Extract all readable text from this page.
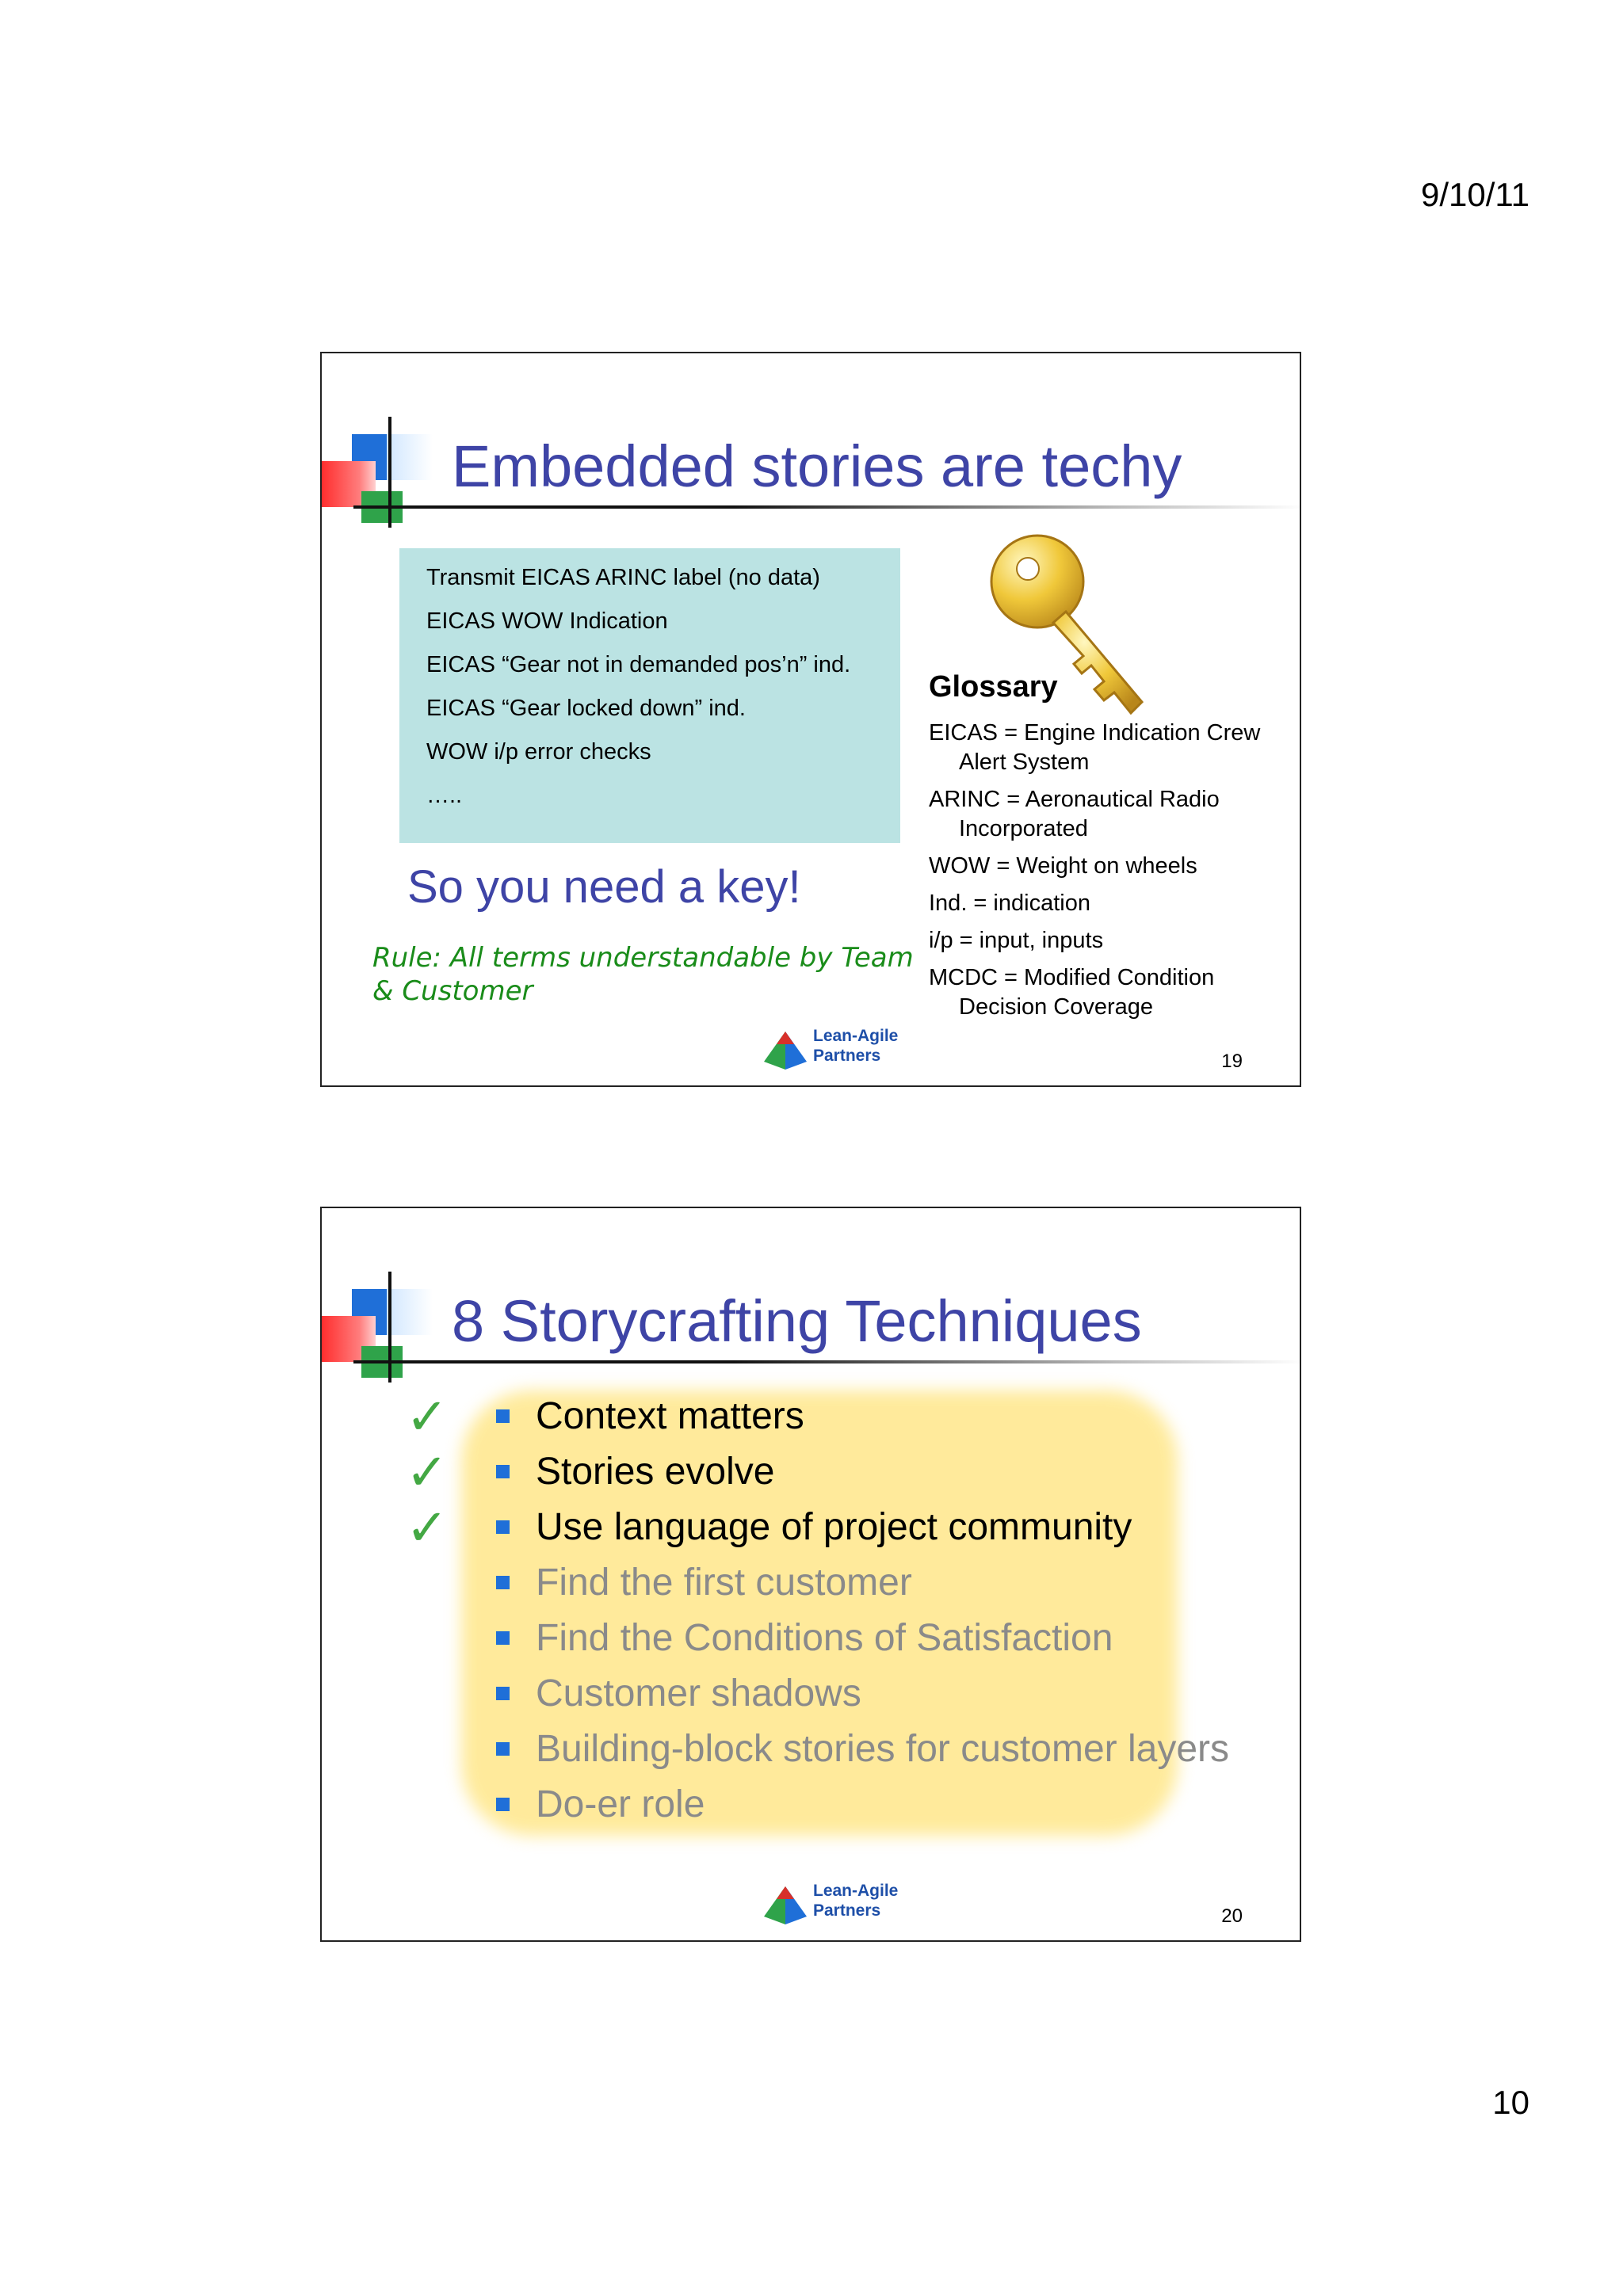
9/10/11
Embedded stories are techy
Transmit EICAS ARINC label (no data)
EICAS WOW Indication
EICAS “Gear not in demanded pos’n” ind.
EICAS “Gear locked down” ind.
WOW i/p error checks
…..
Glossary
EICAS = Engine Indication Crew Alert System
ARINC = Aeronautical Radio Incorporated
WOW = Weight on wheels
Ind. = indication
i/p = input, inputs
MCDC = Modified Condition Decision Coverage
So you need a key!
Rule: All terms understandable by Team & Customer
Lean-Agile
Partners	19
8 Storycrafting Techniques
✓ Context matters
✓ Stories evolve
✓ Use language of project community
Find the first customer
Find the Conditions of Satisfaction
Customer shadows
Building-block stories for customer layers
Do-er role
Lean-Agile
Partners	20
10
